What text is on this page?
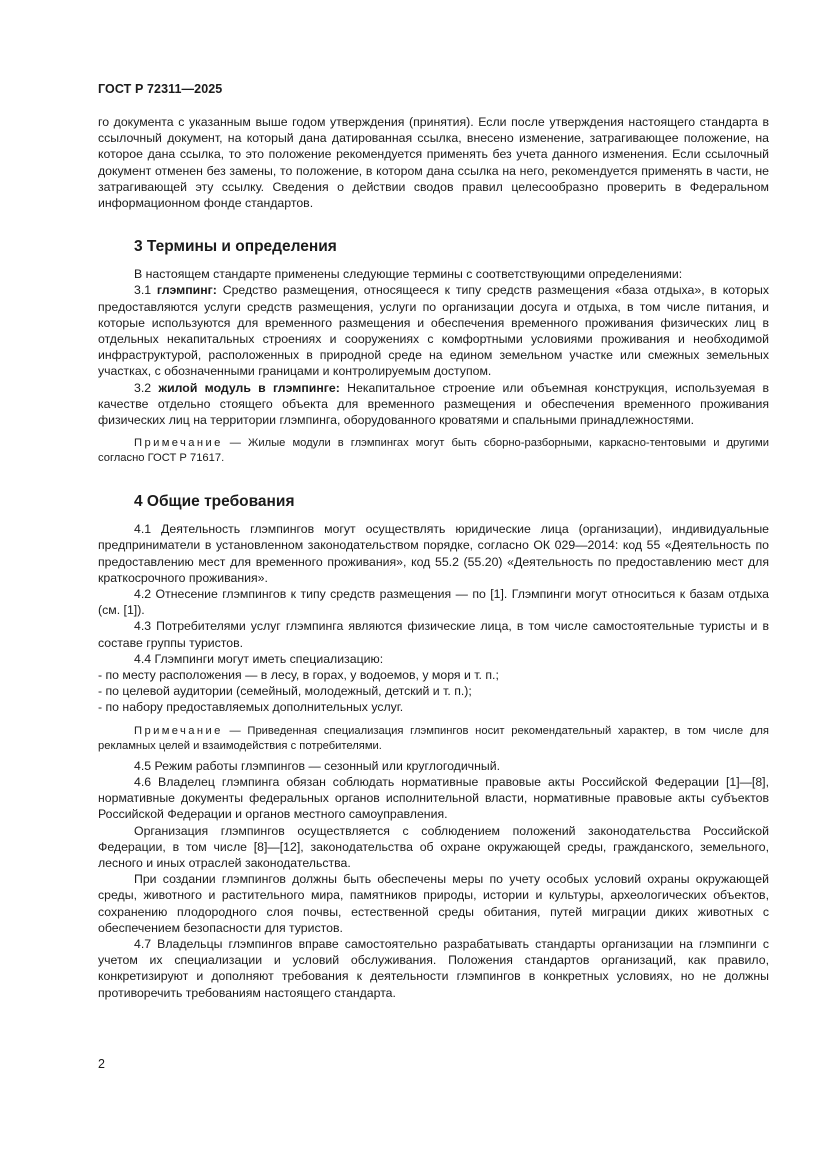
ГОСТ Р 72311—2025

го документа с указанным выше годом утверждения (принятия). Если после утверждения настоящего стандарта в ссылочный документ, на который дана датированная ссылка, внесено изменение, затрагивающее положение, на которое дана ссылка, то это положение рекомендуется применять без учета данного изменения. Если ссылочный документ отменен без замены, то положение, в котором дана ссылка на него, рекомендуется применять в части, не затрагивающей эту ссылку. Сведения о действии сводов правил целесообразно проверить в Федеральном информационном фонде стандартов.

3 Термины и определения

В настоящем стандарте применены следующие термины с соответствующими определениями:

3.1 глэмпинг: Средство размещения, относящееся к типу средств размещения «база отдыха», в которых предоставляются услуги средств размещения, услуги по организации досуга и отдыха, в том числе питания, и которые используются для временного размещения и обеспечения временного проживания физических лиц в отдельных некапитальных строениях и сооружениях с комфортными условиями проживания и необходимой инфраструктурой, расположенных в природной среде на едином земельном участке или смежных земельных участках, с обозначенными границами и контролируемым доступом.

3.2 жилой модуль в глэмпинге: Некапитальное строение или объемная конструкция, используемая в качестве отдельно стоящего объекта для временного размещения и обеспечения временного проживания физических лиц на территории глэмпинга, оборудованного кроватями и спальными принадлежностями.

Примечание — Жилые модули в глэмпингах могут быть сборно-разборными, каркасно-тентовыми и другими согласно ГОСТ Р 71617.

4 Общие требования

4.1 Деятельность глэмпингов могут осуществлять юридические лица (организации), индивидуальные предприниматели в установленном законодательством порядке, согласно ОК 029—2014: код 55 «Деятельность по предоставлению мест для временного проживания», код 55.2 (55.20) «Деятельность по предоставлению мест для краткосрочного проживания».

4.2 Отнесение глэмпингов к типу средств размещения — по [1]. Глэмпинги могут относиться к базам отдыха (см. [1]).

4.3 Потребителями услуг глэмпинга являются физические лица, в том числе самостоятельные туристы и в составе группы туристов.

4.4 Глэмпинги могут иметь специализацию:

- по месту расположения — в лесу, в горах, у водоемов, у моря и т. п.;

- по целевой аудитории (семейный, молодежный, детский и т. п.);

- по набору предоставляемых дополнительных услуг.

Примечание — Приведенная специализация глэмпингов носит рекомендательный характер, в том числе для рекламных целей и взаимодействия с потребителями.

4.5 Режим работы глэмпингов — сезонный или круглогодичный.

4.6 Владелец глэмпинга обязан соблюдать нормативные правовые акты Российской Федерации [1]—[8], нормативные документы федеральных органов исполнительной власти, нормативные правовые акты субъектов Российской Федерации и органов местного самоуправления.

Организация глэмпингов осуществляется с соблюдением положений законодательства Российской Федерации, в том числе [8]—[12], законодательства об охране окружающей среды, гражданского, земельного, лесного и иных отраслей законодательства.

При создании глэмпингов должны быть обеспечены меры по учету особых условий охраны окружающей среды, животного и растительного мира, памятников природы, истории и культуры, археологических объектов, сохранению плодородного слоя почвы, естественной среды обитания, путей миграции диких животных с обеспечением безопасности для туристов.

4.7 Владельцы глэмпингов вправе самостоятельно разрабатывать стандарты организации на глэмпинги с учетом их специализации и условий обслуживания. Положения стандартов организаций, как правило, конкретизируют и дополняют требования к деятельности глэмпингов в конкретных условиях, но не должны противоречить требованиям настоящего стандарта.

2
